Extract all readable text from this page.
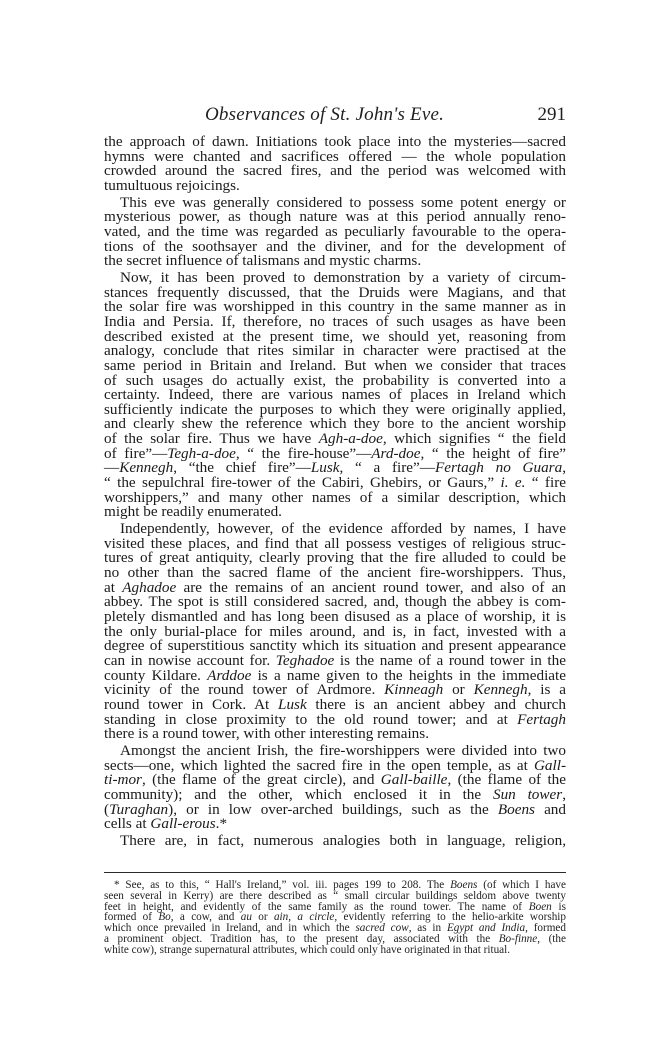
Observances of St. John's Eve.	291

the approach of dawn. Initiations took place into the mysteries—sacred
hymns were chanted and sacrifices offered — the whole population
crowded around the sacred fires, and the period was welcomed with
tumultuous rejoicings.

This eve was generally considered to possess some potent energy or
mysterious power, as though nature was at this period annually reno-
vated, and the time was regarded as peculiarly favourable to the opera-
tions of the soothsayer and the diviner, and for the development of
the secret influence of talismans and mystic charms.

Now, it has been proved to demonstration by a variety of circum-
stances frequently discussed, that the Druids were Magians, and that
the solar fire was worshipped in this country in the same manner as in
India and Persia. If, therefore, no traces of such usages as have been
described existed at the present time, we should yet, reasoning from
analogy, conclude that rites similar in character were practised at the
same period in Britain and Ireland. But when we consider that traces
of such usages do actually exist, the probability is converted into a
certainty. Indeed, there are various names of places in Ireland which
sufficiently indicate the purposes to which they were originally applied,
and clearly shew the reference which they bore to the ancient worship
of the solar fire. Thus we have Agh-a-doe, which signifies “ the field
of fire”—Tegh-a-doe, “ the fire-house”—Ard-doe, “ the height of fire”
—Kennegh, “the chief fire”—Lusk, “ a fire”—Fertagh no Guara,
“ the sepulchral fire-tower of the Cabiri, Ghebirs, or Gaurs,” i. e. “ fire
worshippers,” and many other names of a similar description, which
might be readily enumerated.

Independently, however, of the evidence afforded by names, I have
visited these places, and find that all possess vestiges of religious struc-
tures of great antiquity, clearly proving that the fire alluded to could be
no other than the sacred flame of the ancient fire-worshippers. Thus,
at Aghadoe are the remains of an ancient round tower, and also of an
abbey. The spot is still considered sacred, and, though the abbey is com-
pletely dismantled and has long been disused as a place of worship, it is
the only burial-place for miles around, and is, in fact, invested with a
degree of superstitious sanctity which its situation and present appearance
can in nowise account for. Teghadoe is the name of a round tower in the
county Kildare. Arddoe is a name given to the heights in the immediate
vicinity of the round tower of Ardmore. Kinneagh or Kennegh, is a
round tower in Cork. At Lusk there is an ancient abbey and church
standing in close proximity to the old round tower; and at Fertagh
there is a round tower, with other interesting remains.

Amongst the ancient Irish, the fire-worshippers were divided into two
sects—one, which lighted the sacred fire in the open temple, as at Gall-
ti-mor, (the flame of the great circle), and Gall-baille, (the flame of the
community); and the other, which enclosed it in the Sun tower,
(Turaghan), or in low over-arched buildings, such as the Boens and
cells at Gall-erous.*

There are, in fact, numerous analogies both in language, religion,

* See, as to this, “ Hall's Ireland,” vol. iii. pages 199 to 208. The Boens (of which I have
seen several in Kerry) are there described as “ small circular buildings seldom above twenty
feet in height, and evidently of the same family as the round tower. The name of Boen is
formed of Bo, a cow, and au or ain, a circle, evidently referring to the helio-arkite worship
which once prevailed in Ireland, and in which the sacred cow, as in Egypt and India, formed
a prominent object. Tradition has, to the present day, associated with the Bo-finne, (the
white cow), strange supernatural attributes, which could only have originated in that ritual.
